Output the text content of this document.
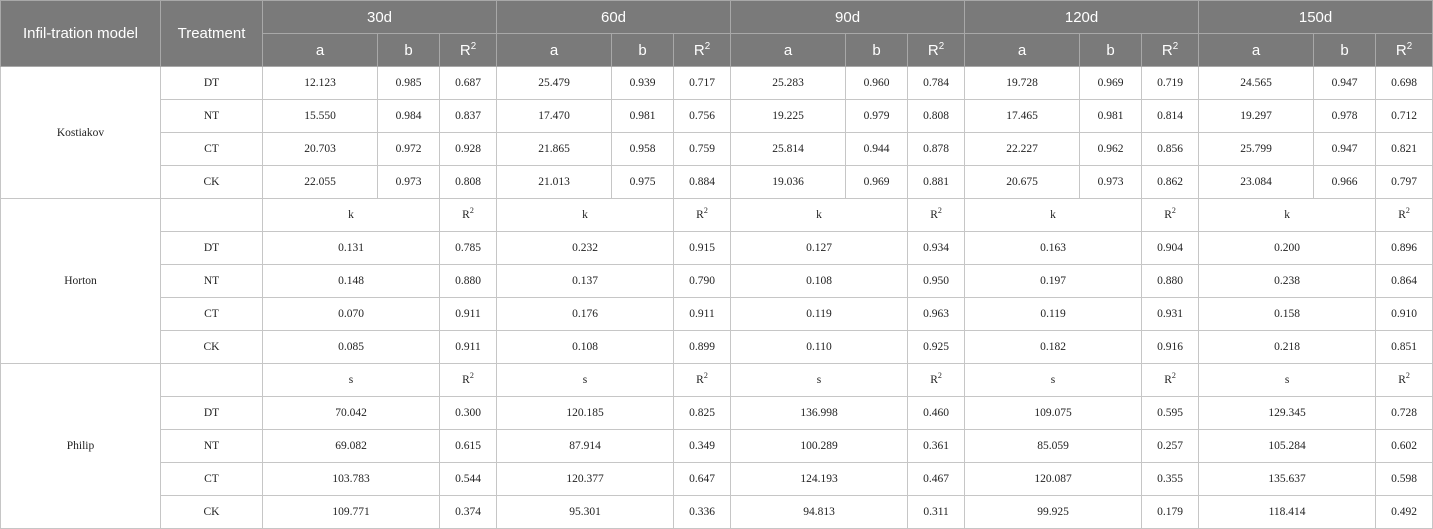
Infil-tration model	Treatment	30d			60d			90d			120d			150d		
		a	b	$R^2$	a	b	$R^2$	a	b	$R^2$	a	b	$R^2$	a	b	$R^2$
Kostiakov	DT	12.123	0.985	0.687	25.479	0.939	0.717	25.283	0.960	0.784	19.728	0.969	0.719	24.565	0.947	0.698
	NT	15.550	0.984	0.837	17.470	0.981	0.756	19.225	0.979	0.808	17.465	0.981	0.814	19.297	0.978	0.712
	CT	20.703	0.972	0.928	21.865	0.958	0.759	25.814	0.944	0.878	22.227	0.962	0.856	25.799	0.947	0.821
	CK	22.055	0.973	0.808	21.013	0.975	0.884	19.036	0.969	0.881	20.675	0.973	0.862	23.084	0.966	0.797
Horton		k		$R^2$	k		$R^2$	k		$R^2$	k		$R^2$	k		$R^2$
	DT	0.131		0.785	0.232		0.915	0.127		0.934	0.163		0.904	0.200		0.896
	NT	0.148		0.880	0.137		0.790	0.108		0.950	0.197		0.880	0.238		0.864
	CT	0.070		0.911	0.176		0.911	0.119		0.963	0.119		0.931	0.158		0.910
	CK	0.085		0.911	0.108		0.899	0.110		0.925	0.182		0.916	0.218		0.851
Philip		s		$R^2$	s		$R^2$	s		$R^2$	s		$R^2$	s		$R^2$
	DT	70.042		0.300	120.185		0.825	136.998		0.460	109.075		0.595	129.345		0.728
	NT	69.082		0.615	87.914		0.349	100.289		0.361	85.059		0.257	105.284		0.602
	CT	103.783		0.544	120.377		0.647	124.193		0.467	120.087		0.355	135.637		0.598
	CK	109.771		0.374	95.301		0.336	94.813		0.311	99.925		0.179	118.414		0.492
